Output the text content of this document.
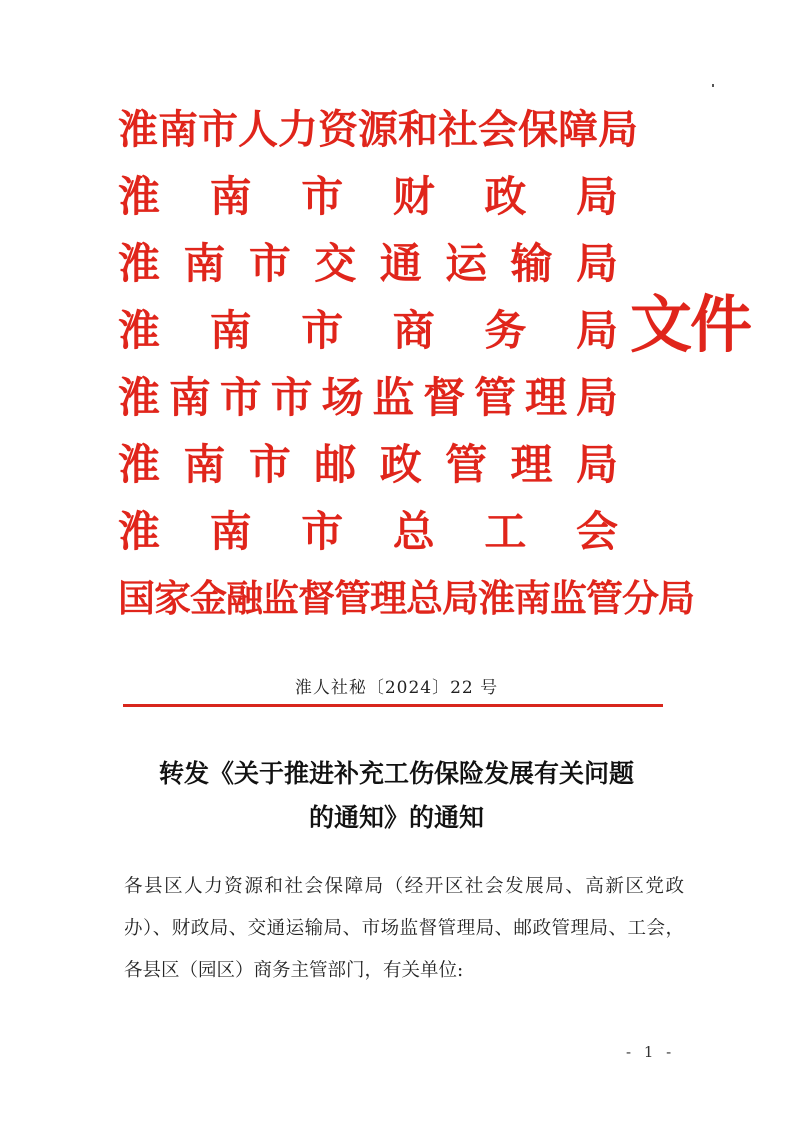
淮 南 市 人 力 资 源 和 社 会 保 障 局
淮 南 市 财 政 局
淮 南 市 交 通 运 输 局
淮 南 市 商 务 局
淮 南 市 市 场 监 督 管 理 局
淮 南 市 邮 政 管 理 局
淮 南 市 总 工 会
国 家 金 融 监 督 管 理 总 局 淮 南 监 管 分 局
文件
淮人社秘〔2024〕22 号
转发《关于推进补充工伤保险发展有关问题
的通知》的通知
各县区人力资源和社会保障局（经开区社会发展局、高新区党政办）、财政局、交通运输局、市场监督管理局、邮政管理局、工会，各县区（园区）商务主管部门，有关单位:
- 1 -
